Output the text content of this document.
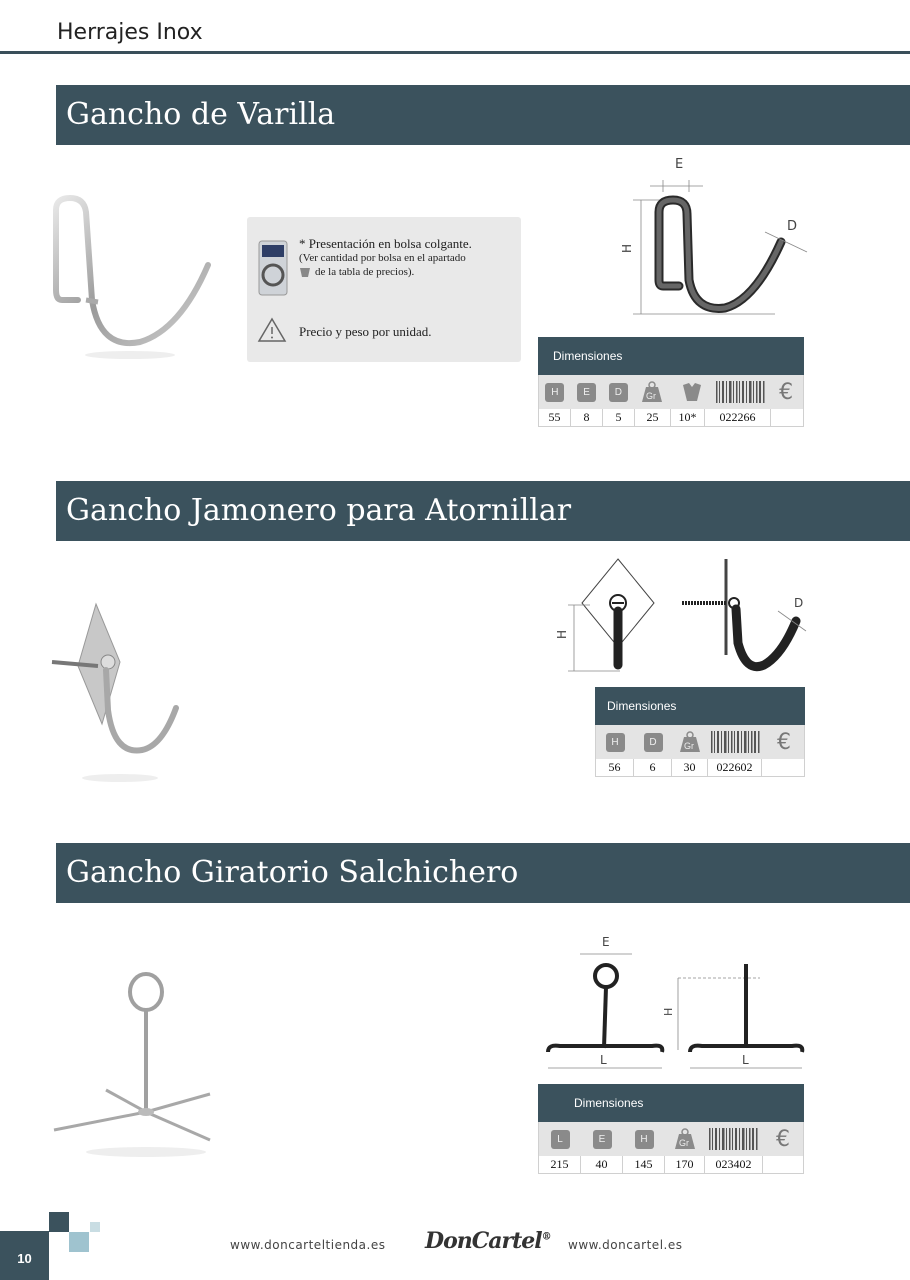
Herrajes Inox
Gancho de Varilla
* Presentación en bolsa colgante.
(Ver cantidad por bolsa en el apartado
de la tabla de precios).
Precio y peso por unidad.
E
H
D
Dimensiones
H	E	D	Gr	€
55	8	5	25	10*	022266
Gancho Jamonero para Atornillar
H
D
Dimensiones
H	D	Gr	€
56	6	30	022602
Gancho Giratorio Salchichero
E
L
H
L
Dimensiones
L	E	H	Gr	€
215	40	145	170	023402
10
www.doncarteltienda.es DonCartel®
www.doncartel.es
